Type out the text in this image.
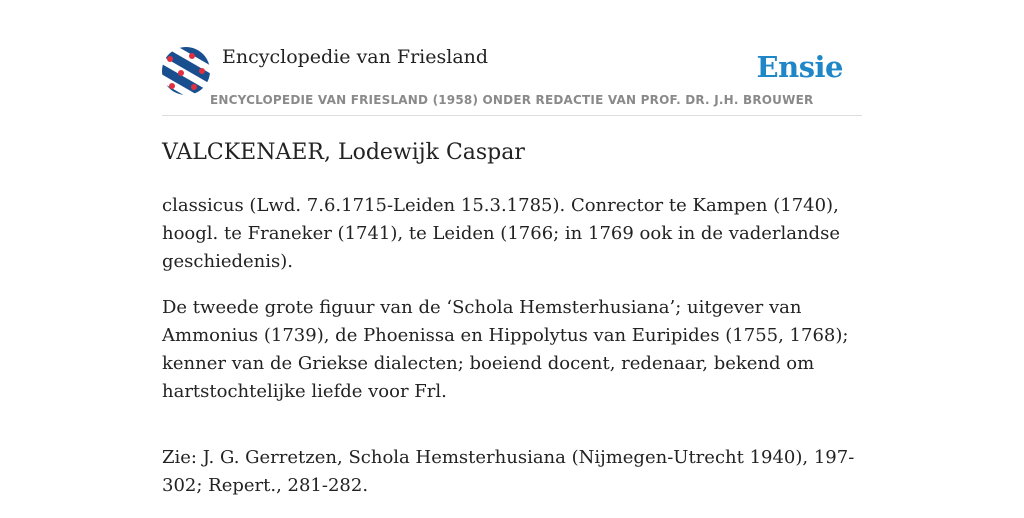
Encyclopedie van Friesland
ENCYCLOPEDIE VAN FRIESLAND (1958) ONDER REDACTIE VAN PROF. DR. J.H. BROUWER
Ensie
VALCKENAER, Lodewijk Caspar

classicus (Lwd. 7.6.1715-Leiden 15.3.1785). Conrector te Kampen (1740), hoogl. te Franeker (1741), te Leiden (1766; in 1769 ook in de vaderlandse geschiedenis).

De tweede grote figuur van de ‘Schola Hemsterhusiana’; uitgever van Ammonius (1739), de Phoenissa en Hippolytus van Euripides (1755, 1768); kenner van de Griekse dialecten; boeiend docent, redenaar, bekend om hartstochtelijke liefde voor Frl.

Zie: J. G. Gerretzen, Schola Hemsterhusiana (Nijmegen-Utrecht 1940), 197-302; Repert., 281-282.
